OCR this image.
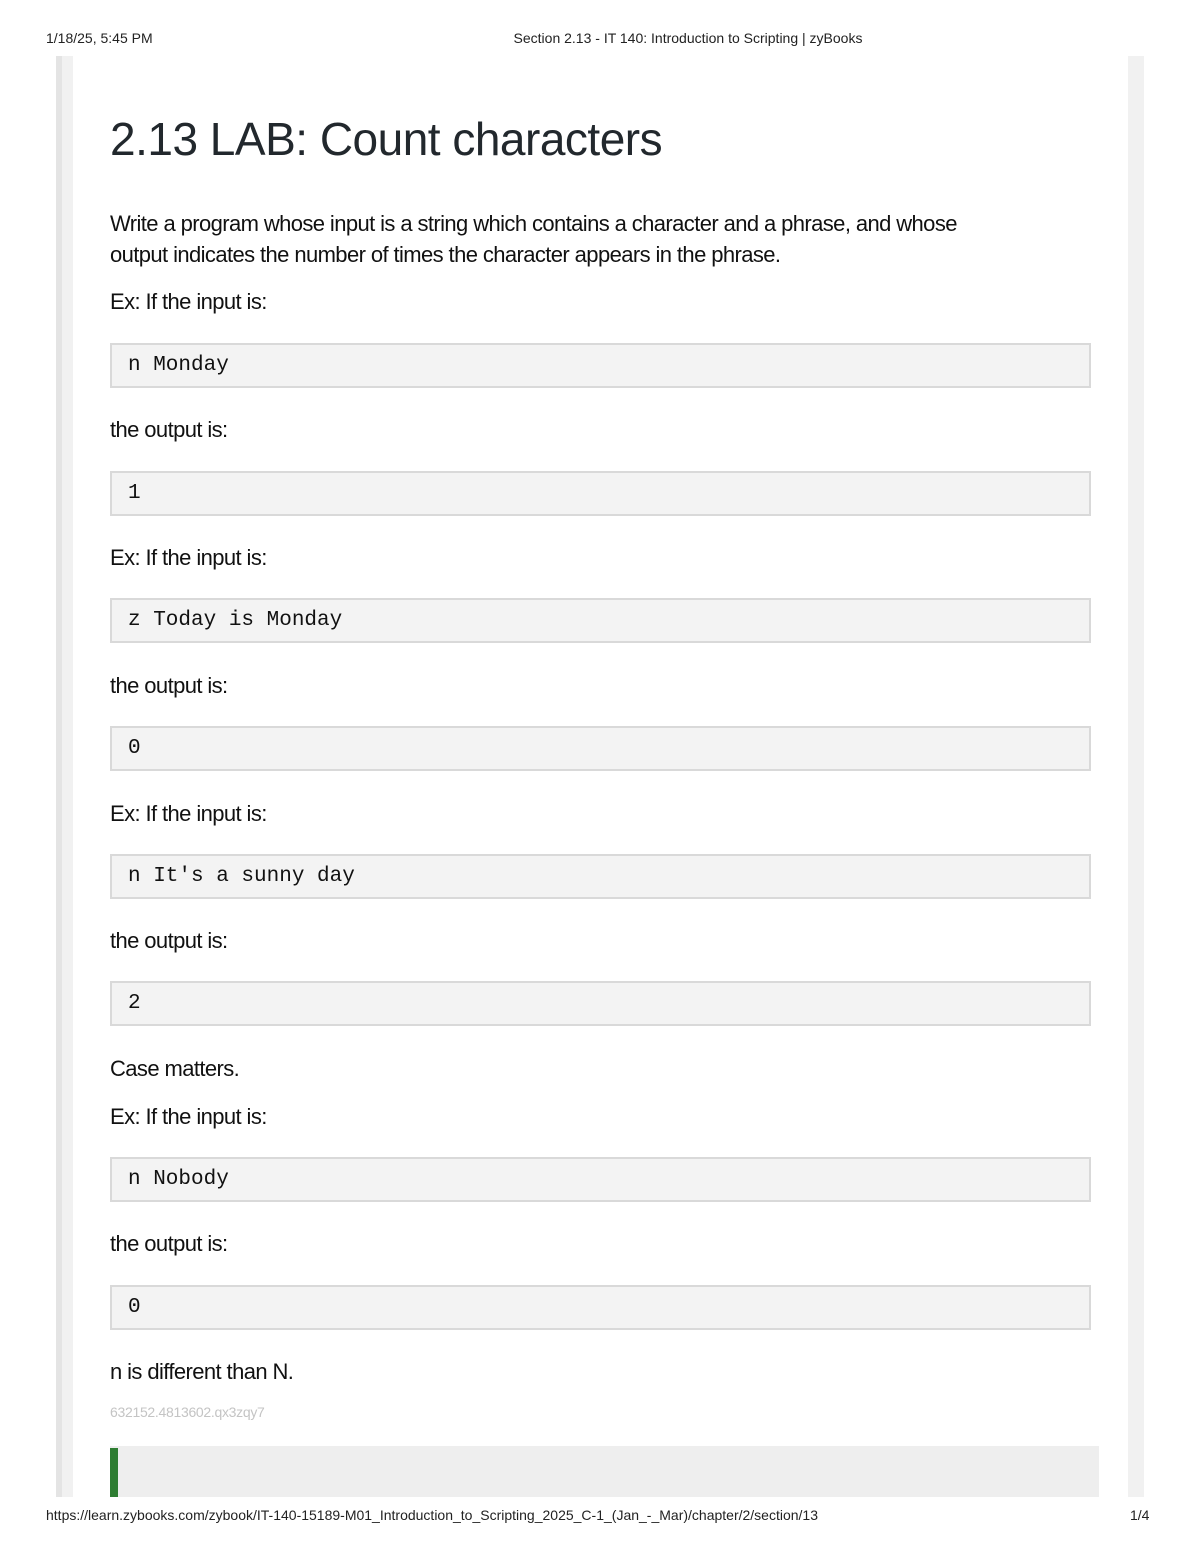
1/18/25, 5:45 PM	Section 2.13 - IT 140: Introduction to Scripting | zyBooks
2.13 LAB: Count characters

Write a program whose input is a string which contains a character and a phrase, and whose

output indicates the number of times the character appears in the phrase.

Ex: If the input is:

n Monday

the output is:

1

Ex: If the input is:

z Today is Monday

the output is:

0

Ex: If the input is:

n It's a sunny day

the output is:

2

Case matters.

Ex: If the input is:

n Nobody

the output is:

0

n is different than N.

632152.4813602.qx3zqy7
https://learn.zybooks.com/zybook/IT-140-15189-M01_Introduction_to_Scripting_2025_C-1_(Jan_-_Mar)/chapter/2/section/13	1/4
